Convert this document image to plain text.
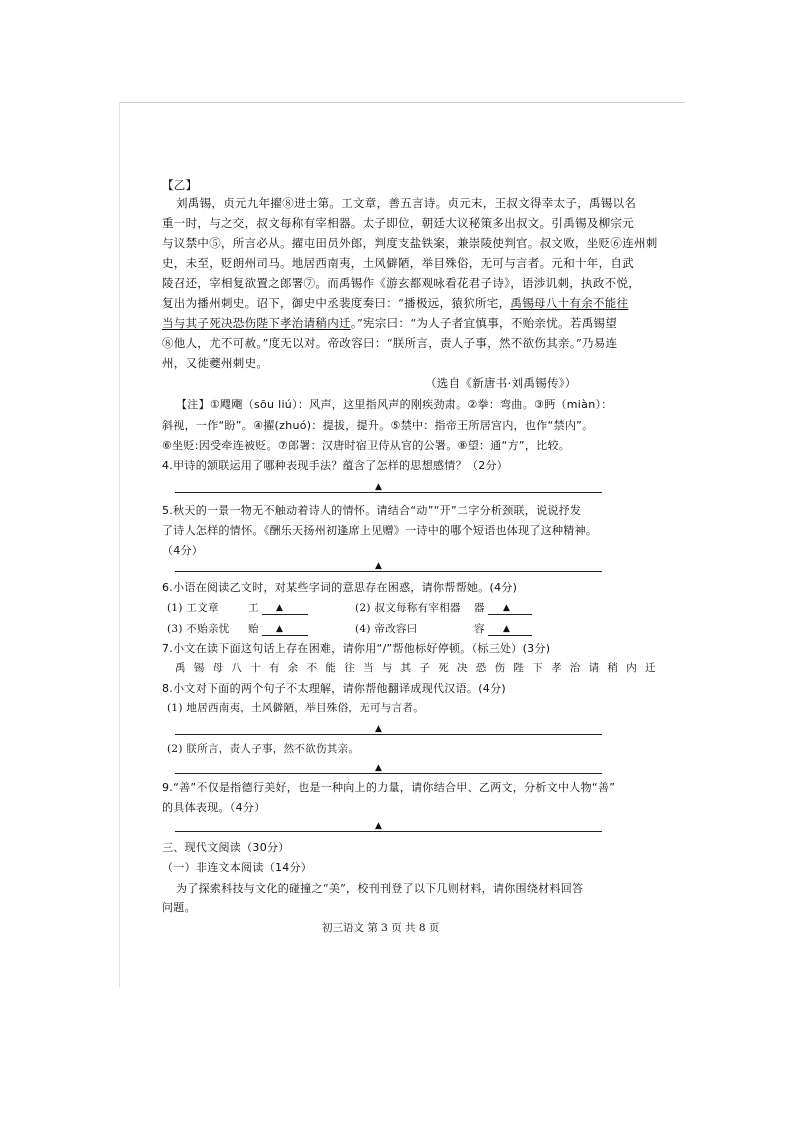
【乙】
刘禹锡，贞元九年擢⑧进士第。工文章，善五言诗。贞元末，王叔文得幸太子，禹锡以名
重一时，与之交，叔文每称有宰相器。太子即位，朝廷大议秘策多出叔文。引禹锡及柳宗元
与议禁中⑤，所言必从。擢屯田员外郎，判度支盐铁案，兼崇陵使判官。叔文败，坐贬⑥连州刺
史，未至，贬朗州司马。地居西南夷，土风僻陋，举目殊俗，无可与言者。元和十年，自武
陵召还，宰相复欲置之郎署⑦。而禹锡作《游玄都观咏看花君子诗》，语涉讥刺，执政不悦，
复出为播州刺史。诏下，御史中丞裴度奏曰：“播极远，猿狖所宅，禹锡母八十有余不能往
当与其子死决恐伤陛下孝治请稍内迁。”宪宗曰：“为人子者宜慎事，不贻亲忧。若禹锡望
⑧他人，尤不可赦。”度无以对。帝改容曰：“朕所言，责人子事，然不欲伤其亲。”乃易连
州，又徙夔州刺史。
（选自《新唐书·刘禹锡传》）
【注】①飕飗（sōu liú）：风声，这里指风声的刚疾劲肃。②拳：弯曲。③眄（miàn）：
斜视，一作“盼”。④擢(zhuó)：提拔，提升。⑤禁中：指帝王所居宫内，也作“禁内”。
⑥坐贬:因受牵连被贬。⑦郎署：汉唐时宿卫侍从官的公署。⑧望：通“方”，比较。
4.甲诗的颔联运用了哪种表现手法？蕴含了怎样的思想感情？（2分）
▲
5.秋天的一景一物无不触动着诗人的情怀。请结合“动”“开”二字分析颈联，说说抒发
了诗人怎样的情怀。《酬乐天扬州初逢席上见赠》一诗中的哪个短语也体现了这种精神。
（4分）
▲
6.小语在阅读乙文时，对某些字词的意思存在困惑，请你帮帮她。(4分)
(1) 工文章	工 ▲	(2) 叔文每称有宰相器 器 ▲
(3) 不贻亲忧 贻 ▲	(4) 帝改容曰	容 ▲
7.小文在读下面这句话上存在困难，请你用“/”帮他标好停顿。（标三处）(3分)
禹锡母八十有余不能往当与其子死决恐伤陛下孝治请稍内迁
8.小文对下面的两个句子不太理解，请你帮他翻译成现代汉语。(4分)
(1) 地居西南夷，土风僻陋，举目殊俗，无可与言者。
▲
(2) 朕所言，责人子事，然不欲伤其亲。
▲
9.“善”不仅是指德行美好，也是一种向上的力量，请你结合甲、乙两文，分析文中人物“善”
的具体表现。（4分）
▲
三、现代文阅读（30分）
（一）非连文本阅读（14分）
为了探索科技与文化的碰撞之“美”，校刊刊登了以下几则材料，请你围绕材料回答
问题。
初三语文 第 3 页 共 8 页
